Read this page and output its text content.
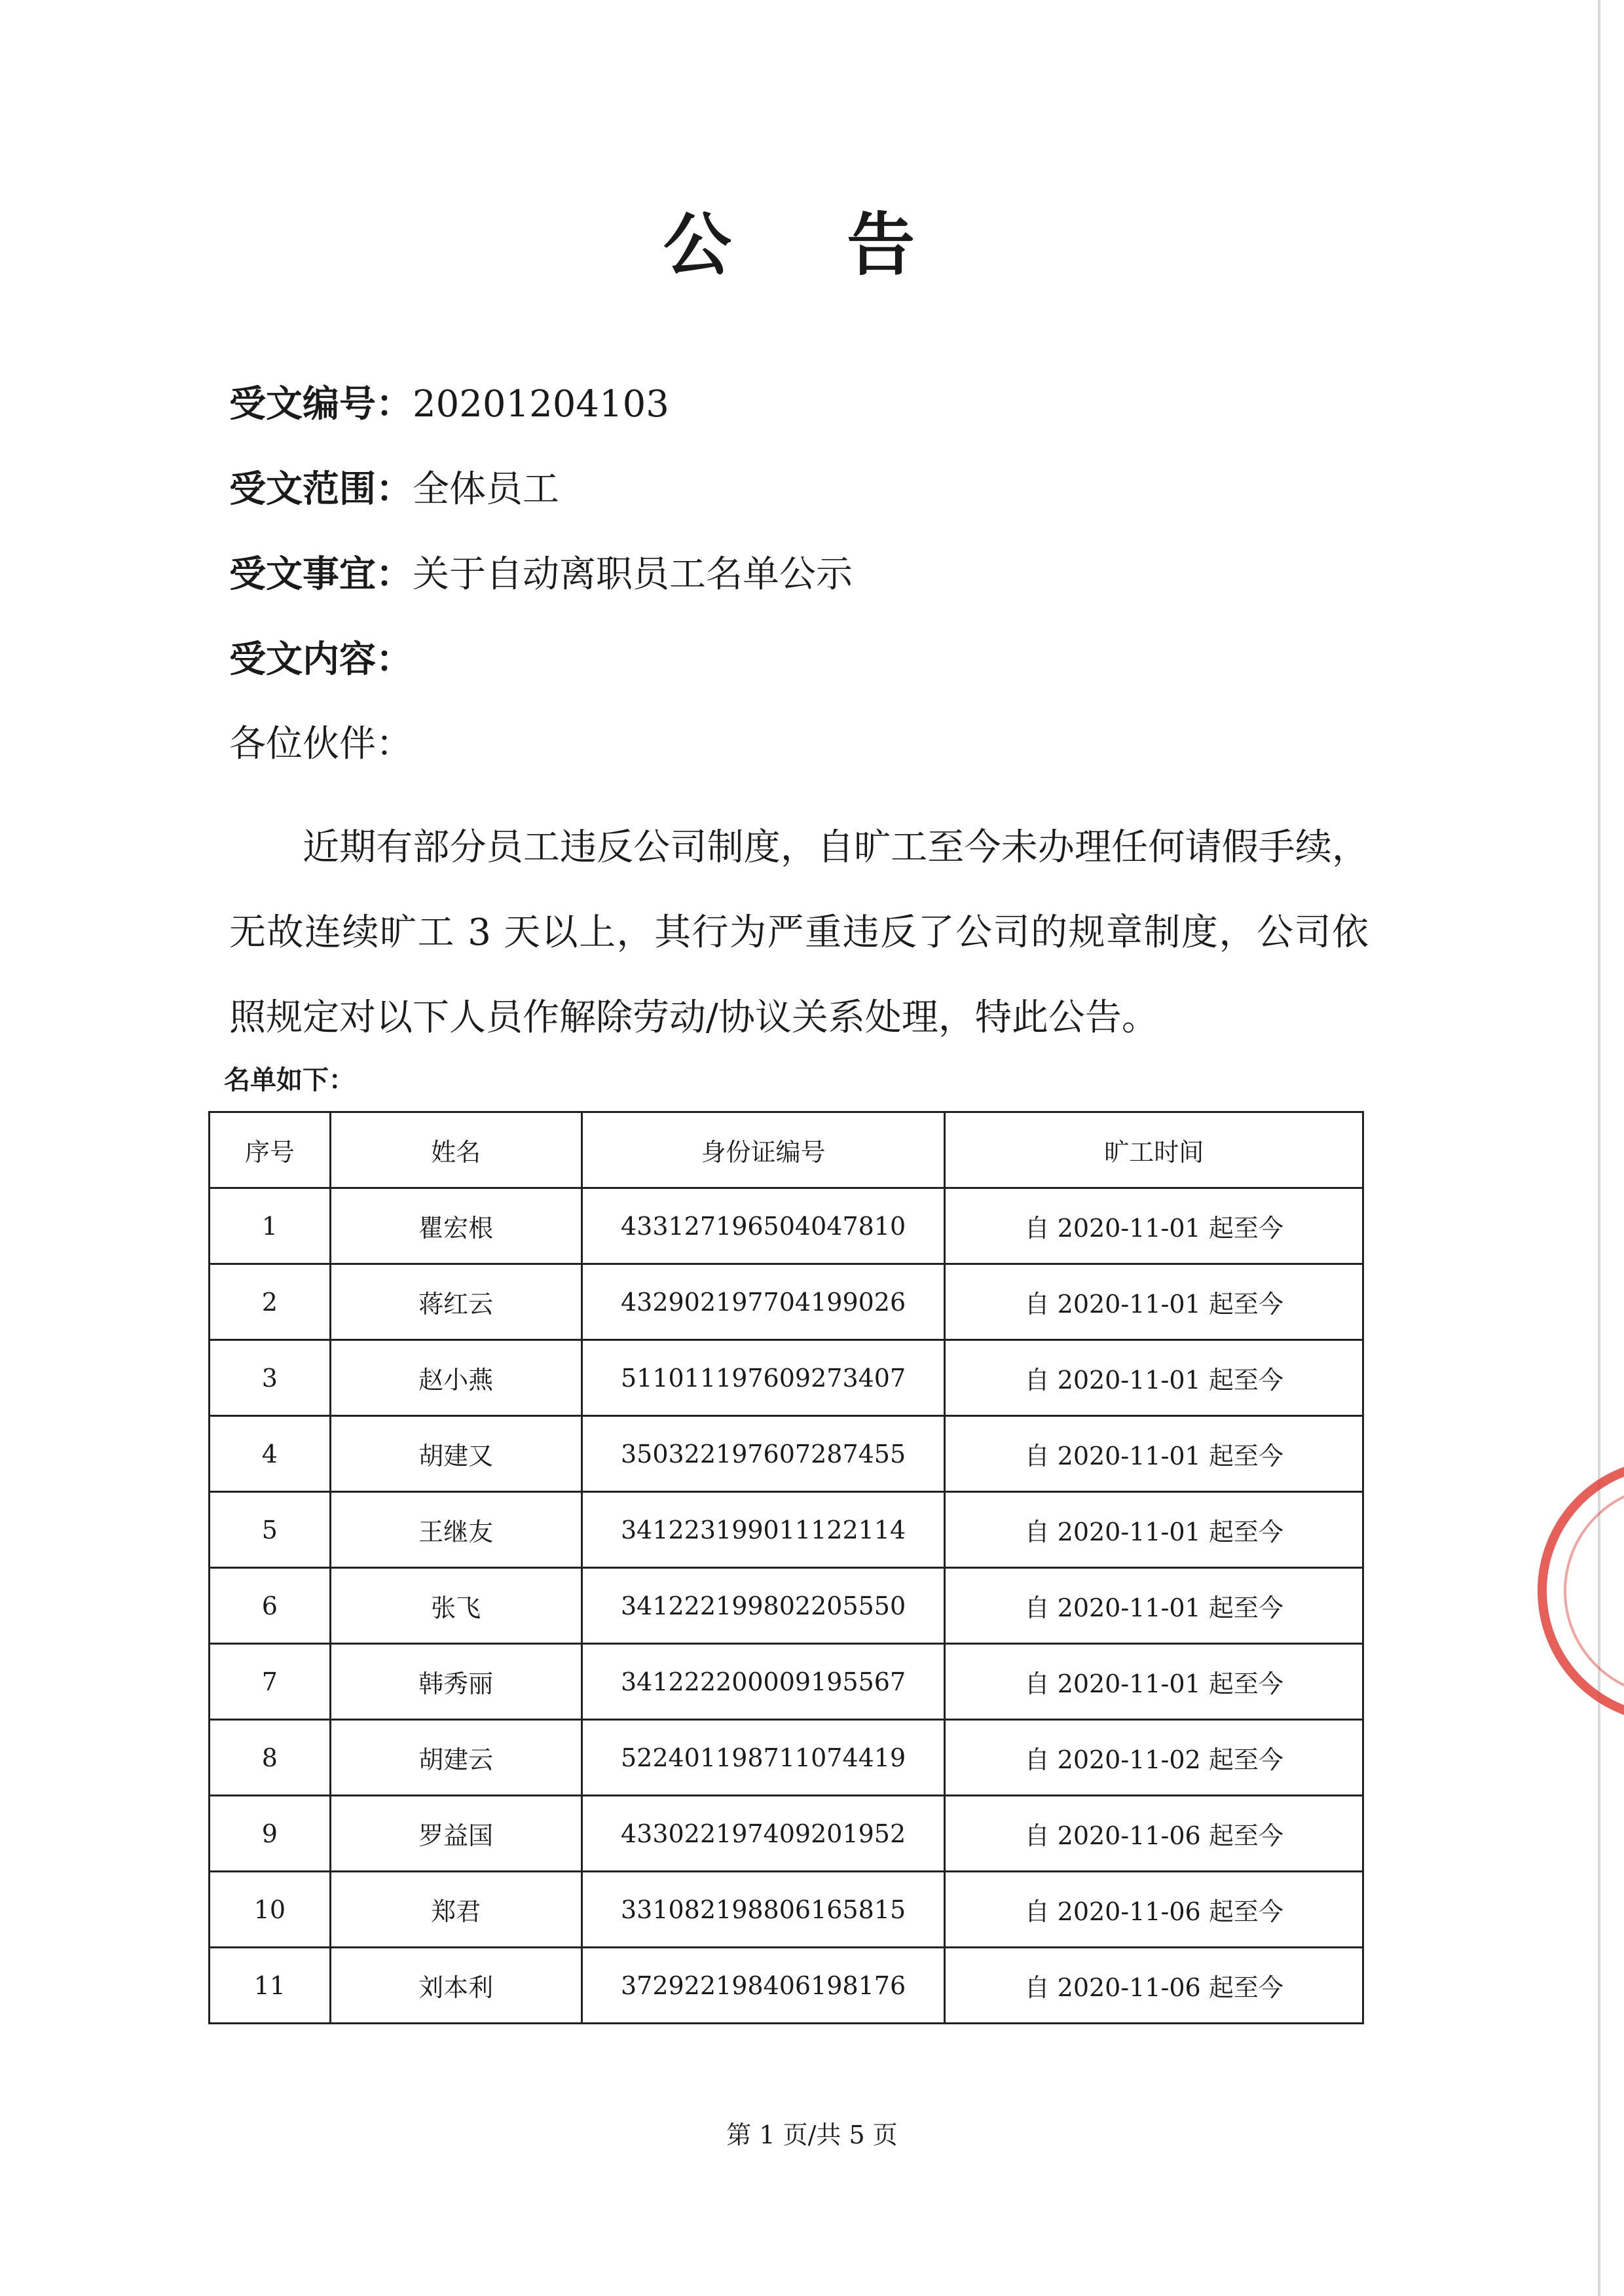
公 告
受文编号：20201204103
受文范围：全体员工
受文事宜：关于自动离职员工名单公示
受文内容：
各位伙伴：
近期有部分员工违反公司制度，自旷工至今未办理任何请假手续，无故连续旷工 3 天以上，其行为严重违反了公司的规章制度，公司依照规定对以下人员作解除劳动/协议关系处理，特此公告。
名单如下：
序号	姓名	身份证编号	旷工时间
1	瞿宏根	433127196504047810	自 2020-11-01 起至今
2	蒋红云	432902197704199026	自 2020-11-01 起至今
3	赵小燕	511011197609273407	自 2020-11-01 起至今
4	胡建又	350322197607287455	自 2020-11-01 起至今
5	王继友	341223199011122114	自 2020-11-01 起至今
6	张飞	341222199802205550	自 2020-11-01 起至今
7	韩秀丽	341222200009195567	自 2020-11-01 起至今
8	胡建云	522401198711074419	自 2020-11-02 起至今
9	罗益国	433022197409201952	自 2020-11-06 起至今
10	郑君	331082198806165815	自 2020-11-06 起至今
11	刘本利	372922198406198176	自 2020-11-06 起至今
第 1 页/共 5 页
